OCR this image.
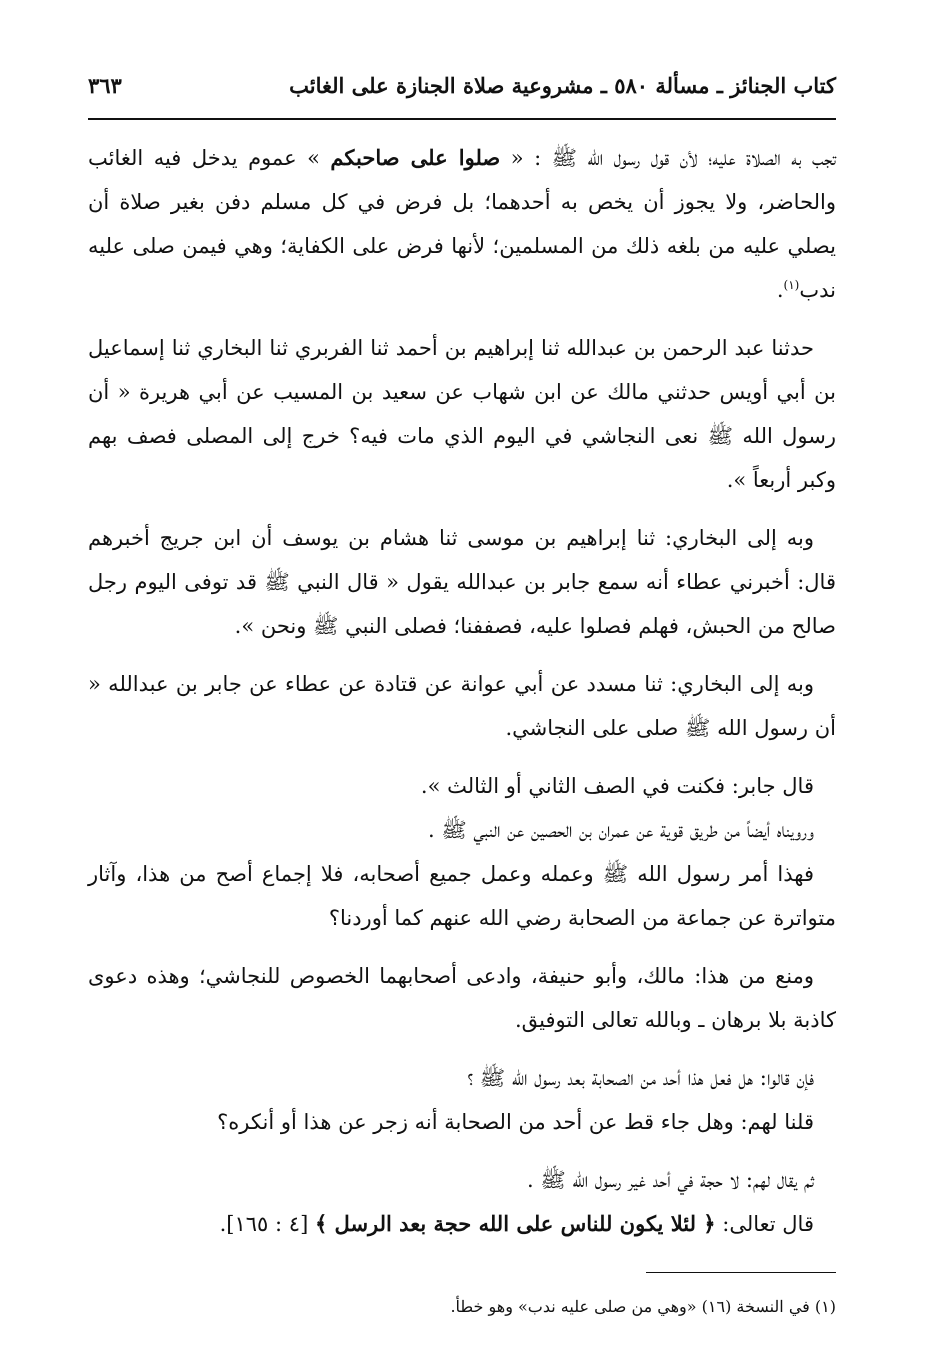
كتاب الجنائز ـ مسألة ٥٨٠ ـ مشروعية صلاة الجنازة على الغائب
٣٦٣

تجب به الصلاة عليه؛ لأن قول رسول الله ﷺ : « صلوا على صاحبكم » عموم يدخل فيه الغائب والحاضر، ولا يجوز أن يخص به أحدهما؛ بل فرض في كل مسلم دفن بغير صلاة أن يصلي عليه من بلغه ذلك من المسلمين؛ لأنها فرض على الكفاية؛ وهي فيمن صلى عليه ندب$^{(١)}$.

حدثنا عبد الرحمن بن عبدالله ثنا إبراهيم بن أحمد ثنا الفربري ثنا البخاري ثنا إسماعيل بن أبي أويس حدثني مالك عن ابن شهاب عن سعيد بن المسيب عن أبي هريرة « أن رسول الله ﷺ نعى النجاشي في اليوم الذي مات فيه؟ خرج إلى المصلى فصف بهم وكبر أربعاً ».

وبه إلى البخاري: ثنا إبراهيم بن موسى ثنا هشام بن يوسف أن ابن جريج أخبرهم قال: أخبرني عطاء أنه سمع جابر بن عبدالله يقول « قال النبي ﷺ قد توفى اليوم رجل صالح من الحبش، فهلم فصلوا عليه، فصففنا؛ فصلى النبي ﷺ ونحن ».

وبه إلى البخاري: ثنا مسدد عن أبي عوانة عن قتادة عن عطاء عن جابر بن عبدالله « أن رسول الله ﷺ صلى على النجاشي.

قال جابر: فكنت في الصف الثاني أو الثالث ».

ورويناه أيضاً من طريق قوية عن عمران بن الحصين عن النبي ﷺ .

فهذا أمر رسول الله ﷺ وعمله وعمل جميع أصحابه، فلا إجماع أصح من هذا، وآثار متواترة عن جماعة من الصحابة رضي الله عنهم كما أوردنا؟

ومنع من هذا: مالك، وأبو حنيفة، وادعى أصحابهما الخصوص للنجاشي؛ وهذه دعوى كاذبة بلا برهان ـ وبالله تعالى التوفيق.

فإن قالوا: هل فعل هذا أحد من الصحابة بعد رسول الله ﷺ ؟

قلنا لهم: وهل جاء قط عن أحد من الصحابة أنه زجر عن هذا أو أنكره؟

ثم يقال لهم: لا حجة في أحد غير رسول الله ﷺ .

قال تعالى: ﴿ لئلا يكون للناس على الله حجة بعد الرسل ﴾ [٤ : ١٦٥].

(١) في النسخة (١٦) «وهي من صلى عليه ندب» وهو خطأ.
